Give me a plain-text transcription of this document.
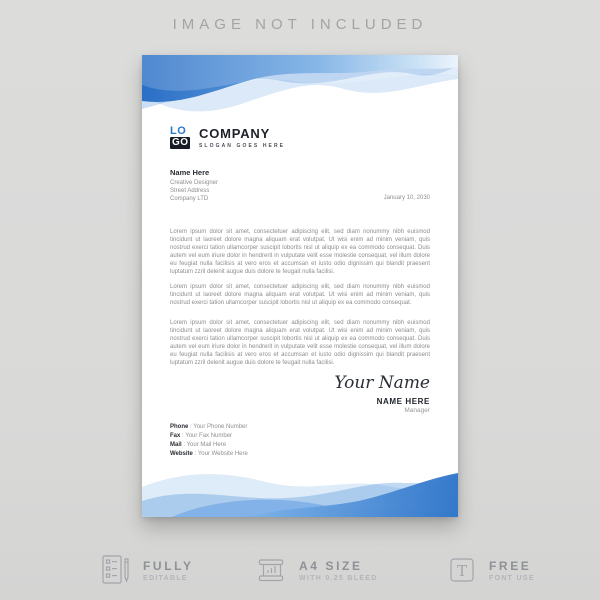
IMAGE NOT INCLUDED
LO
GO
COMPANY
SLOGAN GOES HERE
Name Here
Creative Designer
Street Address
Company LTD	January 10, 2030

Lorem ipsum dolor sit amet, consectetuer adipiscing elit, sed diam nonummy nibh euismod tincidunt ut laoreet dolore magna aliquam erat volutpat. Ut wisi enim ad minim veniam, quis nostrud exerci tation ullamcorper suscipit lobortis nisl ut aliquip ex ea commodo consequat. Duis autem vel eum iriure dolor in hendrerit in vulputate velit esse molestie consequat, vel illum dolore eu feugiat nulla facilisis at vero eros et accumsan et iusto odio dignissim qui blandit praesent luptatum zzril delenit augue duis dolore te feugait nulla facilisi.

Lorem ipsum dolor sit amet, consectetuer adipiscing elit, sed diam nonummy nibh euismod tincidunt ut laoreet dolore magna aliquam erat volutpat. Ut wisi enim ad minim veniam, quis nostrud exerci tation ullamcorper suscipit lobortis nisl ut aliquip ex ea commodo consequat.

Lorem ipsum dolor sit amet, consectetuer adipiscing elit, sed diam nonummy nibh euismod tincidunt ut laoreet dolore magna aliquam erat volutpat. Ut wisi enim ad minim veniam, quis nostrud exerci tation ullamcorper suscipit lobortis nisl ut aliquip ex ea commodo consequat. Duis autem vel eum iriure dolor in hendrerit in vulputate velit esse molestie consequat, vel illum dolore eu feugiat nulla facilisis at vero eros et accumsan et iusto odio dignissim qui blandit praesent luptatum zzril delenit augue duis dolore te feugait nulla facilisi.

Your Name
NAME HERE
Manager
Phone : Your Phone Number
Fax : Your Fax Number
Mail : Your Mail Here
Website : Your Website Here
FULLY
EDITABLE
A4 SIZE
WITH 0.25 BLEED	T FREE
FONT USE
